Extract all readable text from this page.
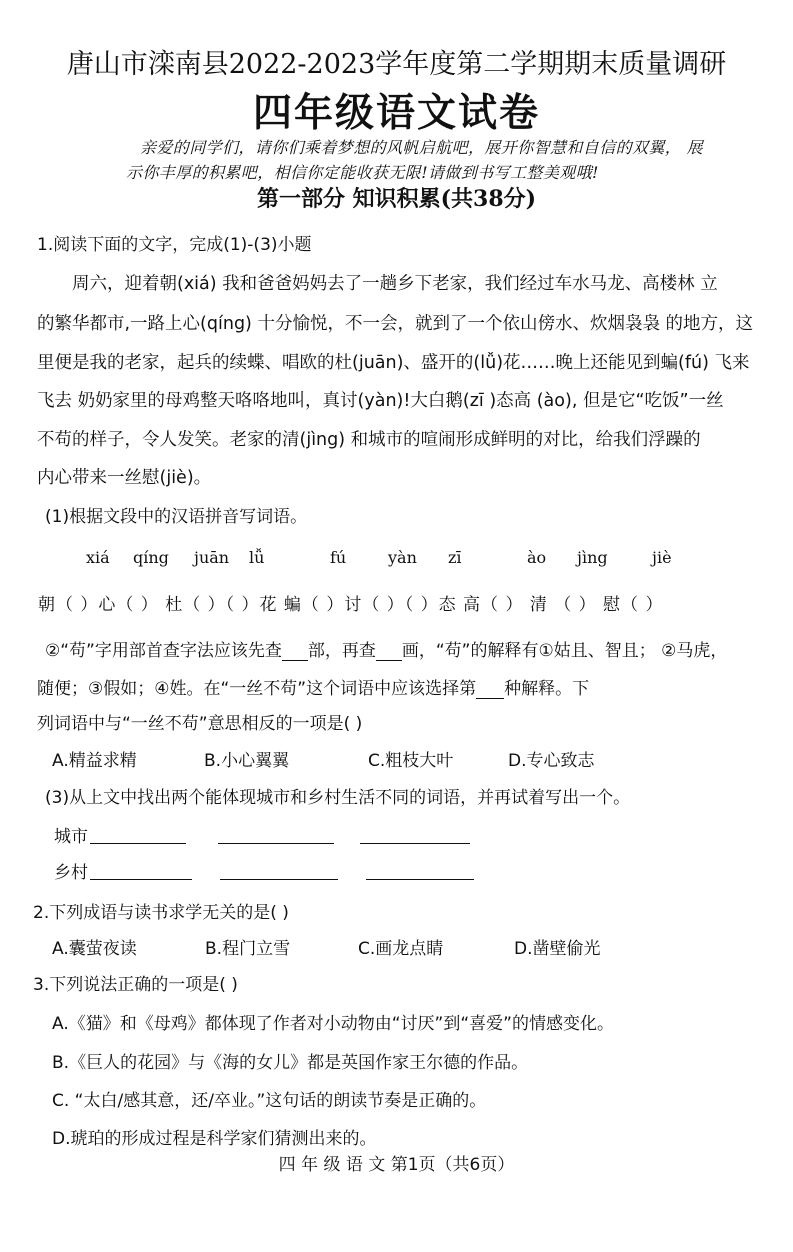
唐山市滦南县2022-2023学年度第二学期期末质量调研
四年级语文试卷
亲爱的同学们，请你们乘着梦想的风帆启航吧，展开你智慧和自信的双翼， 展
示你丰厚的积累吧，相信你定能收获无限!请做到书写工整美观哦!
第一部分 知识积累(共38分)
1.阅读下面的文字，完成(1)-(3)小题
周六，迎着朝(xiá) 我和爸爸妈妈去了一趟乡下老家，我们经过车水马龙、高楼林 立
的繁华都市,一路上心(qíng) 十分愉悦，不一会，就到了一个依山傍水、炊烟袅袅 的地方，这
里便是我的老家，起兵的续蝶、唱欧的杜(juān)、盛开的(lǚ)花……晚上还能见到蝙(fú) 飞来
飞去 奶奶家里的母鸡整天咯咯地叫，真讨(yàn)!大白鹅(zī )态高 (ào), 但是它“吃饭”一丝
不苟的样子，令人发笑。老家的清(jìng) 和城市的喧闹形成鲜明的对比，给我们浮躁的
内心带来一丝慰(jiè)。
(1)根据文段中的汉语拼音写词语。
xiá qíng juān lǚ	fú	yàn zī	ào jìng	jiè
朝（ ）心（ ） 杜（ ）（ ）花 蝙（ ）讨（ ）（ ）态 高（ ） 清 （ ） 慰（ ）
②“苟”字用部首查字法应该先查 部，再查 画，“苟”的解释有①姑且、智且； ②马虎，
随便；③假如；④姓。在“一丝不苟”这个词语中应该选择第 种解释。下
列词语中与“一丝不苟”意思相反的一项是( )
A.精益求精	B.小心翼翼	C.粗枝大叶	D.专心致志
(3)从上文中找出两个能体现城市和乡村生活不同的词语，并再试着写出一个。
城市
乡村
2.下列成语与读书求学无关的是( )
A.囊萤夜读	B.程门立雪	C.画龙点睛	D.凿壁偷光
3.下列说法正确的一项是( )
A.《猫》和《母鸡》都体现了作者对小动物由“讨厌”到“喜爱”的情感变化。
B.《巨人的花园》与《海的女儿》都是英国作家王尔德的作品。
C. “太白/感其意，还/卒业。”这句话的朗读节奏是正确的。
D.琥珀的形成过程是科学家们猜测出来的。
四 年 级 语 文 第1页（共6页）
